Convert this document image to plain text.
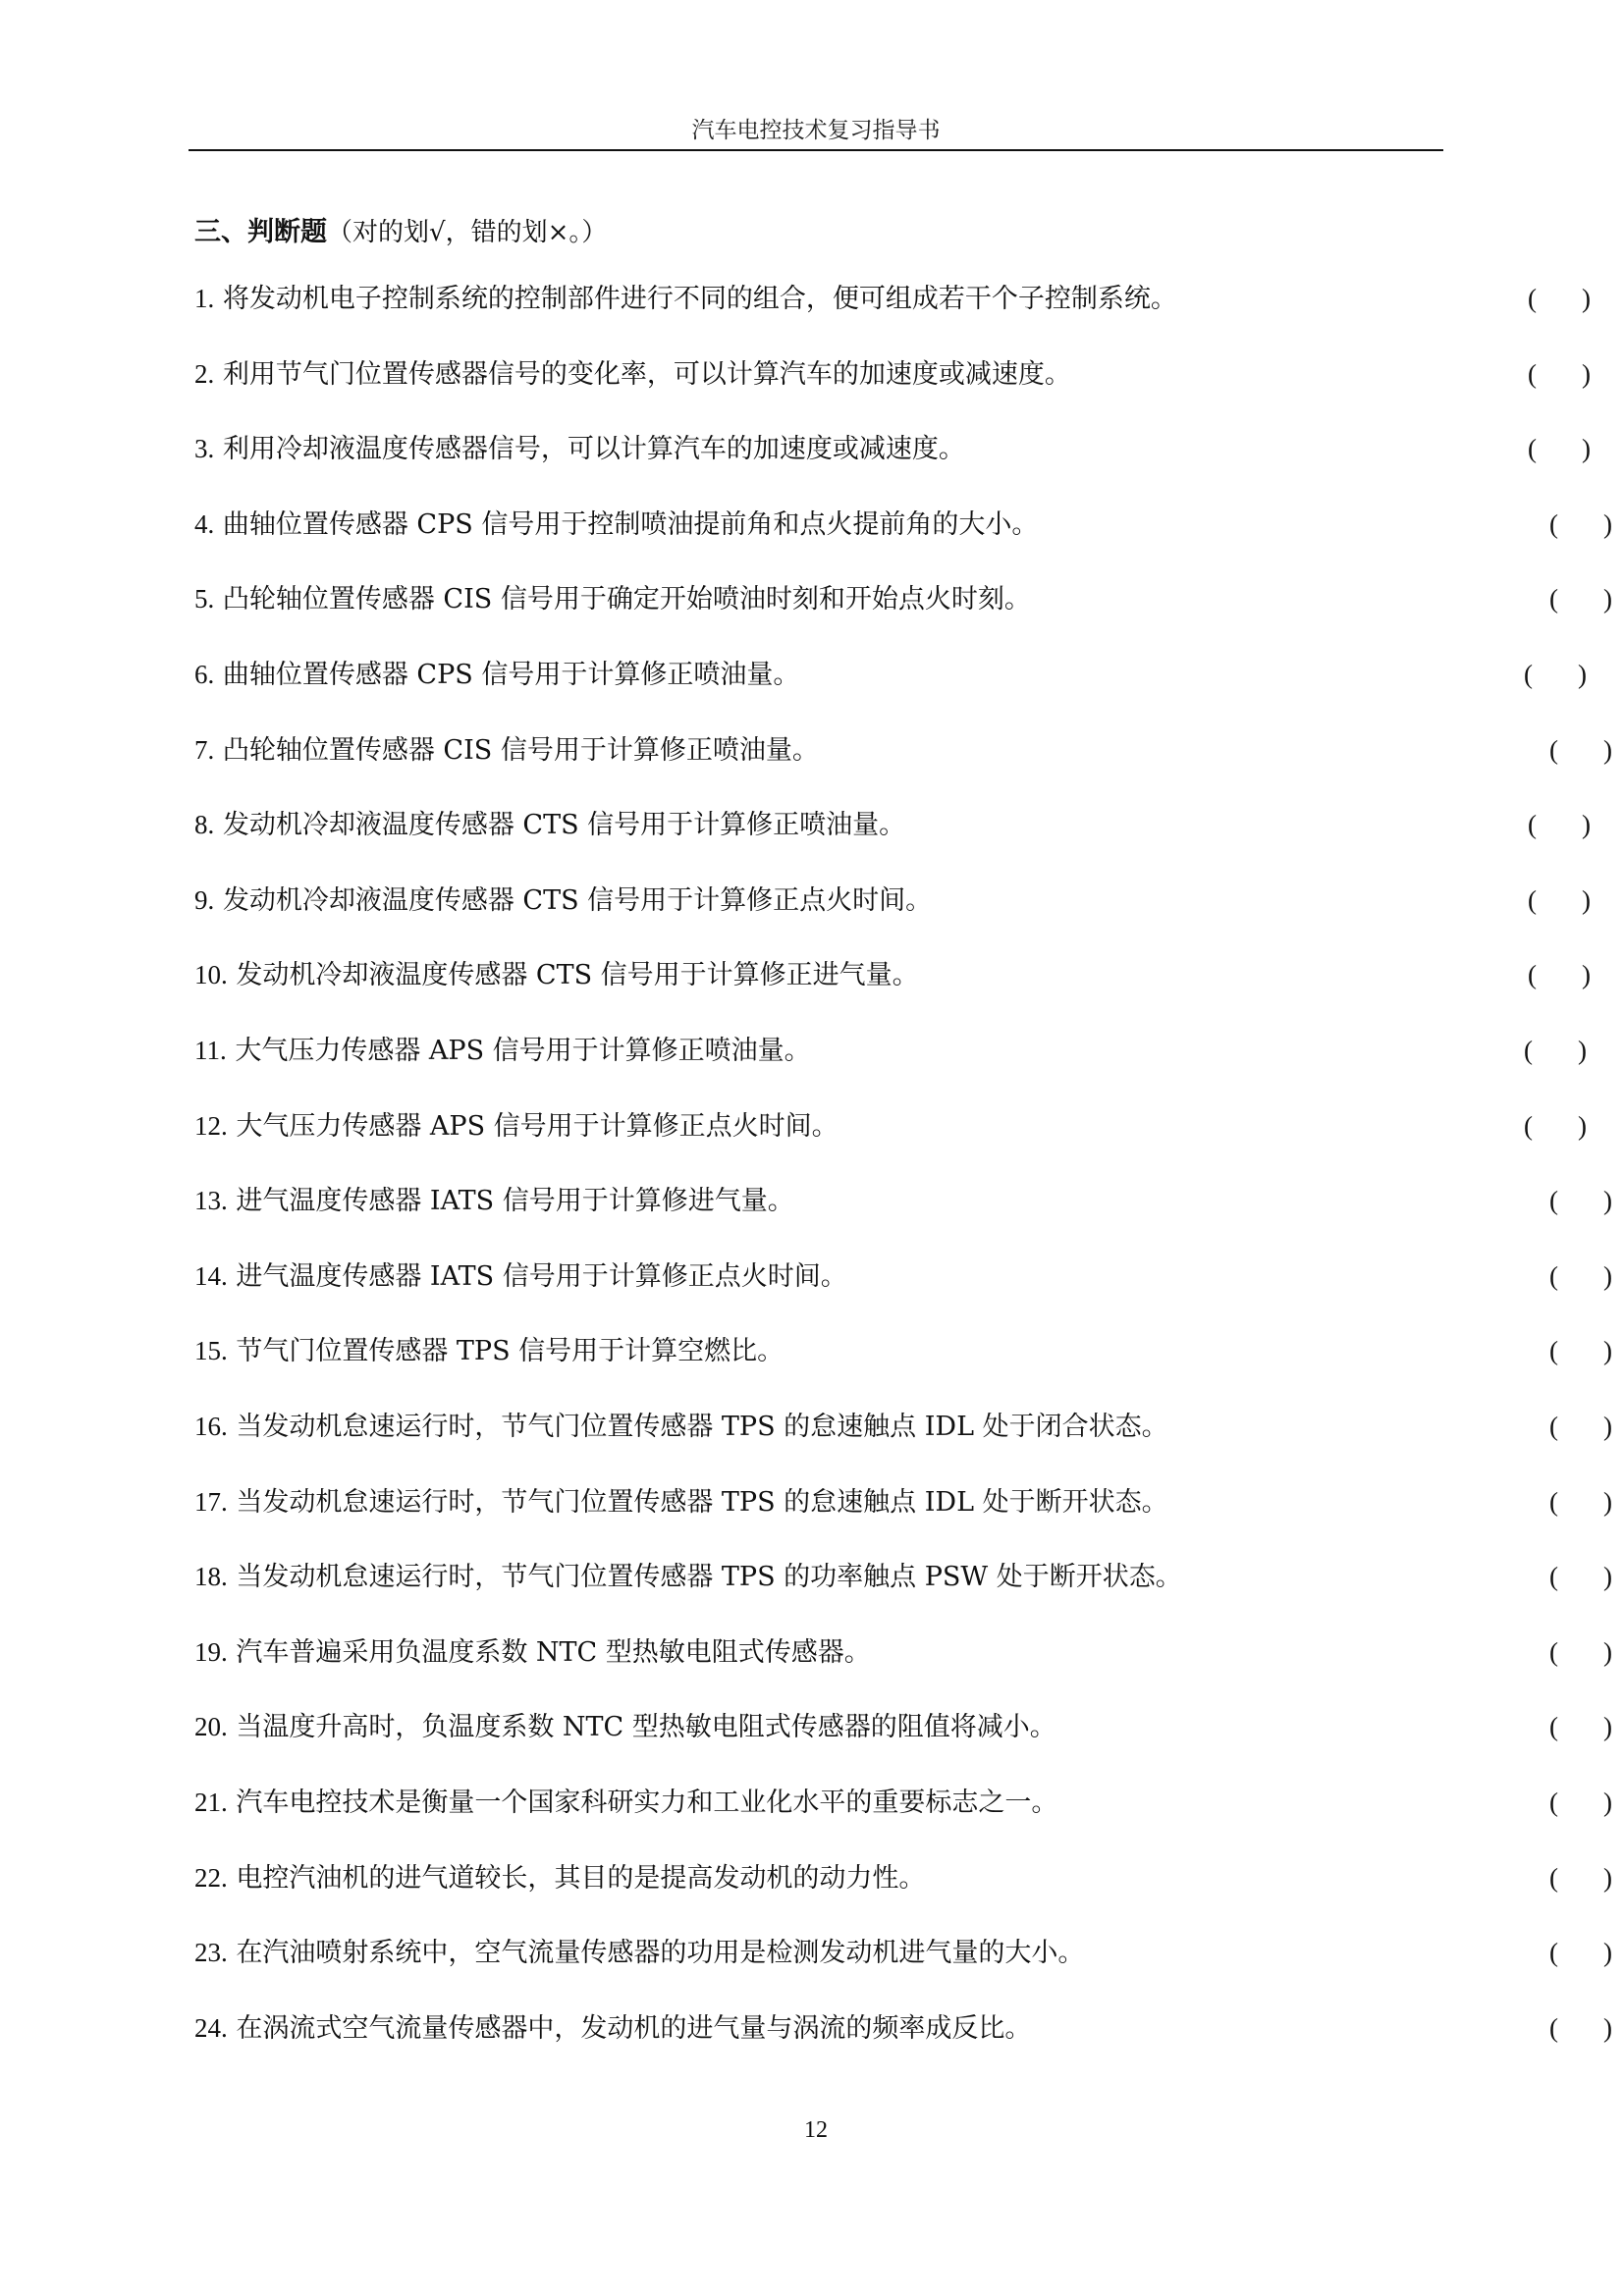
汽车电控技术复习指导书
三、判断题（对的划√，错的划×。）
1. 将发动机电子控制系统的控制部件进行不同的组合，便可组成若干个子控制系统。	( )
2. 利用节气门位置传感器信号的变化率，可以计算汽车的加速度或减速度。	( )
3. 利用冷却液温度传感器信号，可以计算汽车的加速度或减速度。	( )
4. 曲轴位置传感器 CPS 信号用于控制喷油提前角和点火提前角的大小。	( )
5. 凸轮轴位置传感器 CIS 信号用于确定开始喷油时刻和开始点火时刻。	( )
6. 曲轴位置传感器 CPS 信号用于计算修正喷油量。	( )
7. 凸轮轴位置传感器 CIS 信号用于计算修正喷油量。	( )
8. 发动机冷却液温度传感器 CTS 信号用于计算修正喷油量。	( )
9. 发动机冷却液温度传感器 CTS 信号用于计算修正点火时间。	( )
10. 发动机冷却液温度传感器 CTS 信号用于计算修正进气量。	( )
11. 大气压力传感器 APS 信号用于计算修正喷油量。	( )
12. 大气压力传感器 APS 信号用于计算修正点火时间。	( )
13. 进气温度传感器 IATS 信号用于计算修进气量。	( )
14. 进气温度传感器 IATS 信号用于计算修正点火时间。	( )
15. 节气门位置传感器 TPS 信号用于计算空燃比。	( )
16. 当发动机怠速运行时，节气门位置传感器 TPS 的怠速触点 IDL 处于闭合状态。	( )
17. 当发动机怠速运行时，节气门位置传感器 TPS 的怠速触点 IDL 处于断开状态。	( )
18. 当发动机怠速运行时，节气门位置传感器 TPS 的功率触点 PSW 处于断开状态。	( )
19. 汽车普遍采用负温度系数 NTC 型热敏电阻式传感器。	( )
20. 当温度升高时，负温度系数 NTC 型热敏电阻式传感器的阻值将减小。	( )
21. 汽车电控技术是衡量一个国家科研实力和工业化水平的重要标志之一。	( )
22. 电控汽油机的进气道较长，其目的是提高发动机的动力性。	( )
23. 在汽油喷射系统中，空气流量传感器的功用是检测发动机进气量的大小。	( )
24. 在涡流式空气流量传感器中，发动机的进气量与涡流的频率成反比。	( )
12
